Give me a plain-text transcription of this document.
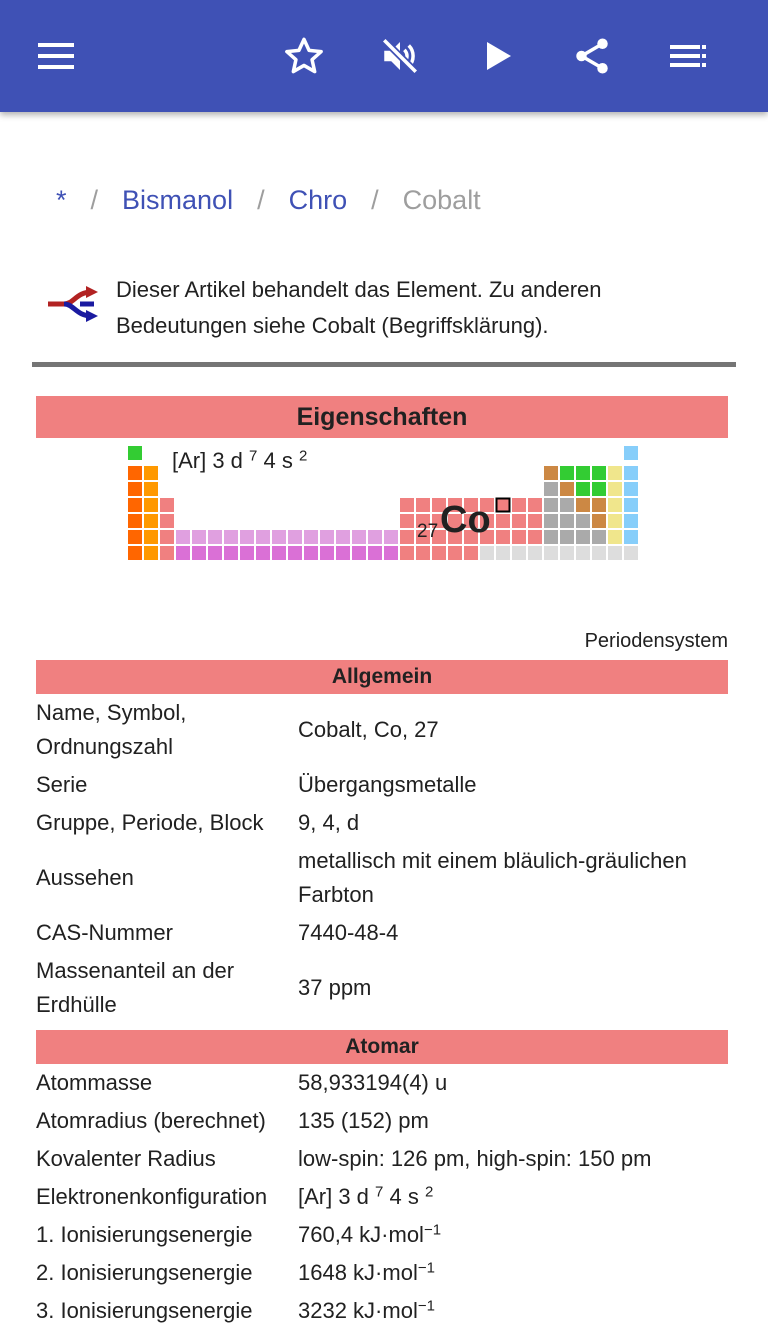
* / Bismanol / Chro / Cobalt
Dieser Artikel behandelt das Element. Zu anderen Bedeutungen siehe Cobalt (Begriffsklärung).
Eigenschaften
[Ar] 3 d $^7$ 4 s $^2$
27 Co
Periodensystem
Allgemein
Name, Symbol, Ordnungszahl	Cobalt, Co, 27
Serie	Übergangsmetalle
Gruppe, Periode, Block	9, 4, d
Aussehen	metallisch mit einem bläulich-gräulichen Farbton
CAS-Nummer	7440-48-4
Massenanteil an der Erdhülle	37 ppm
Atomar
Atommasse	58,933194(4) u
Atomradius (berechnet)	135 (152) pm
Kovalenter Radius	low-spin: 126 pm, high-spin: 150 pm
Elektronenkonfiguration	[Ar] 3 d $^7$ 4 s $^2$
1. Ionisierungsenergie	760,4 kJ·mol$^{-1}$
2. Ionisierungsenergie	1648 kJ·mol$^{-1}$
3. Ionisierungsenergie	3232 kJ·mol$^{-1}$
